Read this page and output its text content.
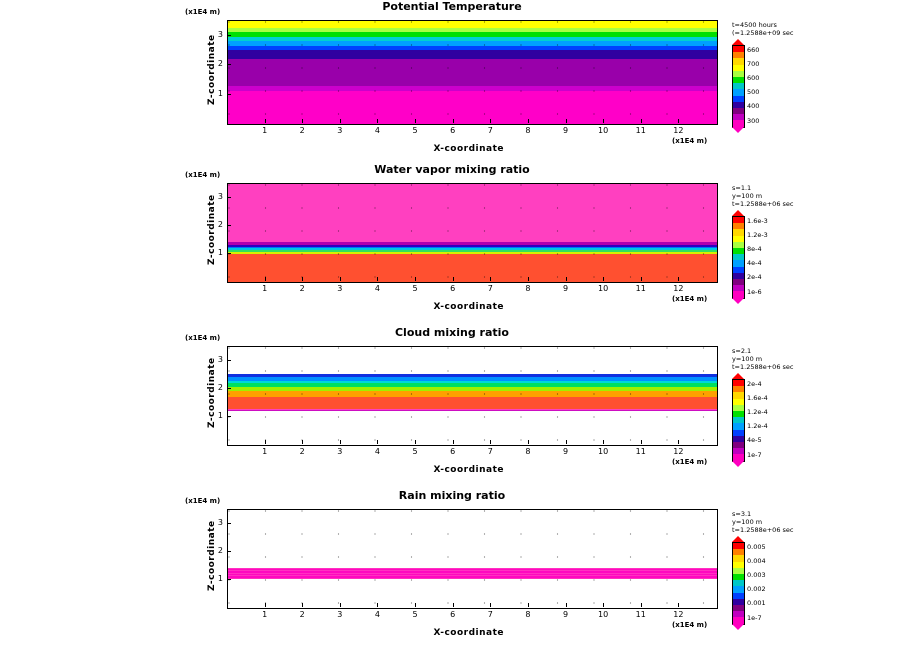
Potential Temperature
(x1E4 m)
Z-coordinate 1
2
3
1	2	3	4	5	6	7	8	9	10	11	12
(x1E4 m)
X-coordinate
t=4500 hours
(=1.2588e+09 sec
660
700
600
500
400
300
Water vapor mixing ratio
(x1E4 m)
Z-coordinate 1
2
3
1	2	3	4	5	6	7	8	9	10	11	12
(x1E4 m)
X-coordinate
s=1.1
y=100 m
t=1.2588e+06 sec
1.6e-3
1.2e-3
8e-4
4e-4
2e-4
1e-6
Cloud mixing ratio
(x1E4 m)
Z-coordinate 1
2
3
1	2	3	4	5	6	7	8	9	10	11	12
(x1E4 m)
X-coordinate
s=2.1
y=100 m
t=1.2588e+06 sec
2e-4
1.6e-4
1.2e-4
1.2e-4
4e-5
1e-7
Rain mixing ratio
(x1E4 m)
Z-coordinate 1
2
3
1	2	3	4	5	6	7	8	9	10	11	12
(x1E4 m)
X-coordinate
s=3.1
y=100 m
t=1.2588e+06 sec
0.005
0.004
0.003
0.002
0.001
1e-7
